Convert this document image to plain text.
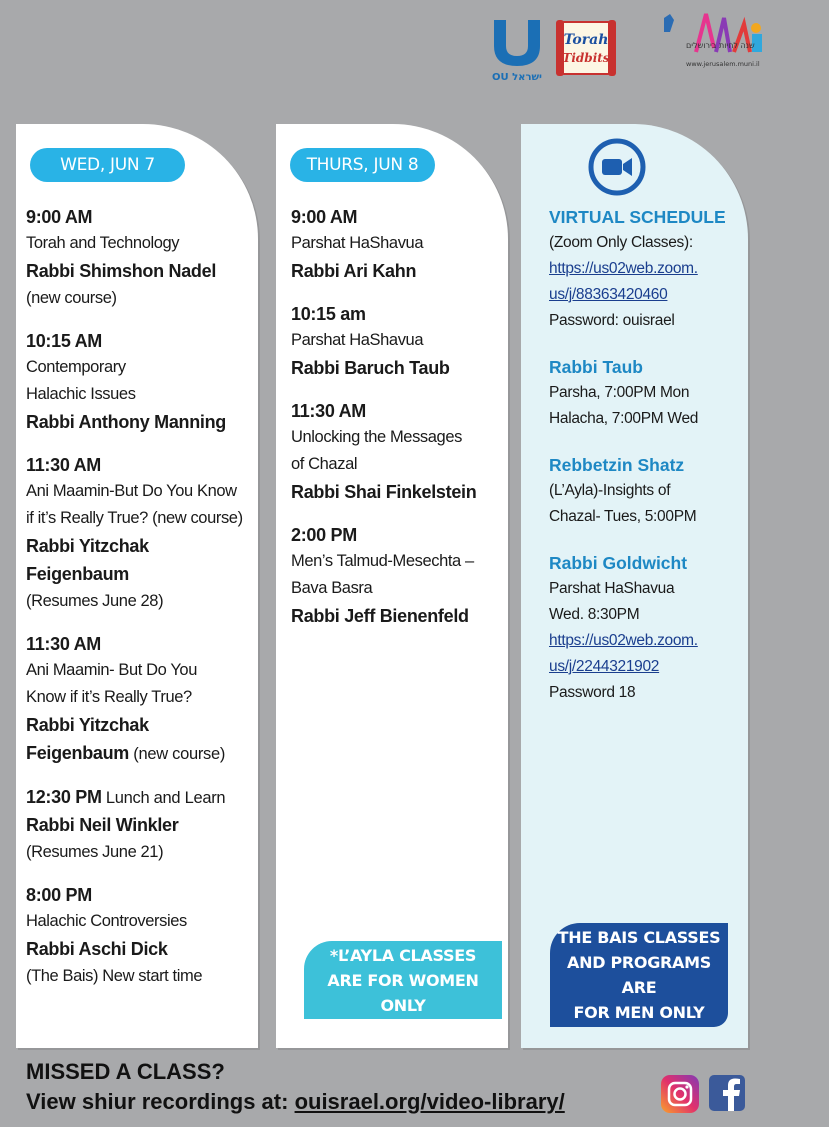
OU ישראל
Torah
Tidbits
שנה לחיות בירושלים
www.jerusalem.muni.il
WED, JUN 7
9:00 AM
Torah and Technology
Rabbi Shimshon Nadel
(new course)
10:15 AM
Contemporary
Halachic Issues
Rabbi Anthony Manning
11:30 AM
Ani Maamin-But Do You Know
if it’s Really True? (new course)
Rabbi Yitzchak
Feigenbaum
(Resumes June 28)
11:30 AM
Ani Maamin- But Do You
Know if it’s Really True?
Rabbi Yitzchak
Feigenbaum (new course)
12:30 PM Lunch and Learn
Rabbi Neil Winkler
(Resumes June 21)
8:00 PM
Halachic Controversies
Rabbi Aschi Dick
(The Bais) New start time
THURS, JUN 8
9:00 AM
Parshat HaShavua
Rabbi Ari Kahn
10:15 am
Parshat HaShavua
Rabbi Baruch Taub
11:30 AM
Unlocking the Messages
of Chazal
Rabbi Shai Finkelstein
2:00 PM
Men’s Talmud-Mesechta –
Bava Basra
Rabbi Jeff Bienenfeld
*L’AYLA CLASSES
ARE FOR WOMEN ONLY
VIRTUAL SCHEDULE
(Zoom Only Classes):
https://us02web.zoom.
us/j/88363420460
Password: ouisrael
Rabbi Taub
Parsha, 7:00PM Mon
Halacha, 7:00PM Wed
Rebbetzin Shatz
(L’Ayla)-Insights of
Chazal- Tues, 5:00PM
Rabbi Goldwicht
Parshat HaShavua
Wed. 8:30PM
https://us02web.zoom.
us/j/2244321902
Password 18
THE BAIS CLASSES
AND PROGRAMS ARE
FOR MEN ONLY
MISSED A CLASS?
View shiur recordings at: ouisrael.org/video-library/
